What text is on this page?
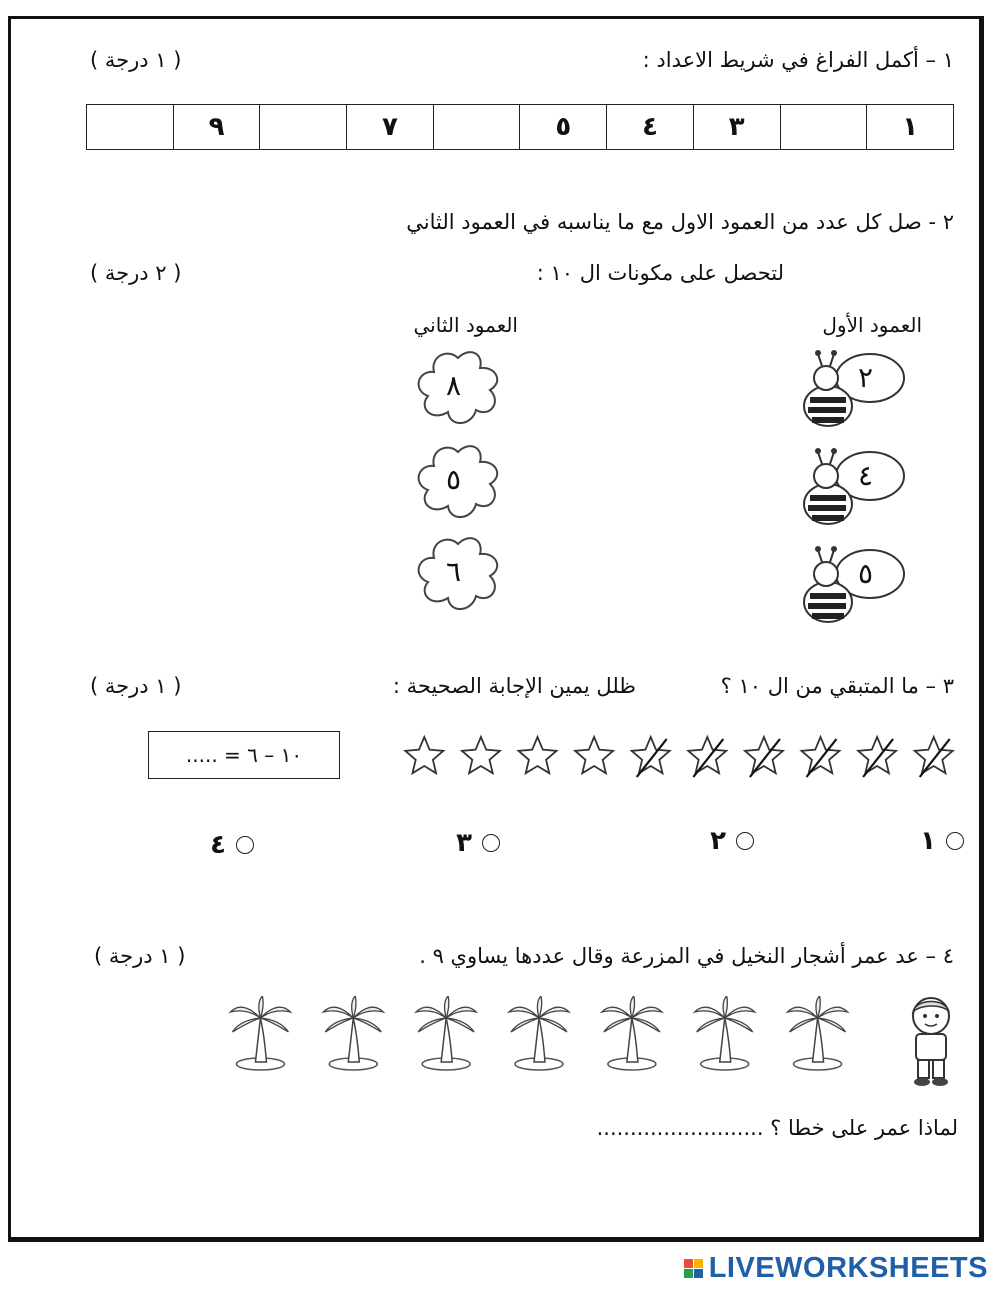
١ – أكمل الفراغ في شريط الاعداد :
( ١ درجة )
١
٣
٤
٥
٧
٩
٢ - صل كل عدد من العمود الاول مع ما يناسبه في العمود الثاني
لتحصل على مكونات ال ١٠ :
( ٢ درجة )
العمود الأول
العمود الثاني
٢
٤
٥
٨
٥
٦
٣ – ما المتبقي من ال ١٠ ؟
ظلل يمين الإجابة الصحيحة :
( ١ درجة )
١٠ – ٦ = .....
١
٢
٣
٤
٤ – عد عمر أشجار النخيل في المزرعة وقال عددها يساوي ٩ .
( ١ درجة )
لماذا عمر على خطا ؟ .........................
LIVEWORKSHEETS
